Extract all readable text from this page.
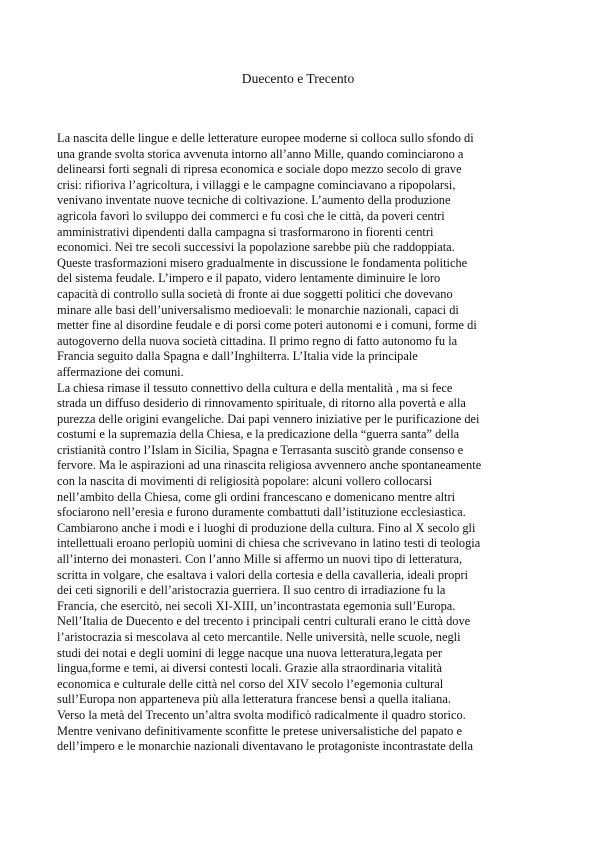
Duecento e Trecento
La nascita delle lingue e delle letterature europee moderne si colloca sullo sfondo di
una grande svolta storica avvenuta intorno all’anno Mille, quando cominciarono a
delinearsi forti segnali di ripresa economica e sociale dopo mezzo secolo di grave
crisi: rifioriva l’agricoltura, i villaggi e le campagne cominciavano a ripopolarsi,
venivano inventate nuove tecniche di coltivazione. L’aumento della produzione
agricola favorì lo sviluppo dei commerci e fu così che le città, da poveri centri
amministrativi dipendenti dalla campagna si trasformarono in fiorenti centri
economici. Nei tre secoli successivi la popolazione sarebbe più che raddoppiata.
Queste trasformazioni misero gradualmente in discussione le fondamenta politiche
del sistema feudale. L’impero e il papato, videro lentamente diminuire le loro
capacità di controllo sulla società di fronte ai due soggetti politici che dovevano
minare alle basi dell’universalismo medioevali: le monarchie nazionali, capaci di
metter fine al disordine feudale e di porsi come poteri autonomi e i comuni, forme di
autogoverno della nuova società cittadina. Il primo regno di fatto autonomo fu la
Francia seguito dalla Spagna e dall’Inghilterra. L’Italia vide la principale
affermazione dei comuni.
La chiesa rimase il tessuto connettivo della cultura e della mentalità , ma si fece
strada un diffuso desiderio di rinnovamento spirituale, di ritorno alla povertà e alla
purezza delle origini evangeliche. Dai papi vennero iniziative per le purificazione dei
costumi e la supremazia della Chiesa, e la predicazione della “guerra santa” della
cristianità contro l’Islam in Sicilia, Spagna e Terrasanta suscitò grande consenso e
fervore. Ma le aspirazioni ad una rinascita religiosa avvennero anche spontaneamente
con la nascita di movimenti di religiosità popolare: alcuni vollero collocarsi
nell’ambito della Chiesa, come gli ordini francescano e domenicano mentre altri
sfociarono nell’eresia e furono duramente combattuti dall’istituzione ecclesiastica.
Cambiarono anche i modi e i luoghi di produzione della cultura. Fino al X secolo gli
intellettuali eroano perlopiù uomini di chiesa che scrivevano in latino testi di teologia
all’interno dei monasteri. Con l’anno Mille si affermo un nuovi tipo di letteratura,
scritta in volgare, che esaltava i valori della cortesia e della cavalleria, ideali propri
dei ceti signorili e dell’aristocrazia guerriera. Il suo centro di irradiazione fu la
Francia, che esercitò, nei secoli XI-XIII, un’incontrastata egemonia sull’Europa.
Nell’Italia de Duecento e del trecento i principali centri culturali erano le città dove
l’aristocrazia si mescolava al ceto mercantile. Nelle università, nelle scuole, negli
studi dei notai e degli uomini di legge nacque una nuova letteratura,legata per
lingua,forme e temi, ai diversi contesti locali. Grazie alla straordinaria vitalità
economica e culturale delle città nel corso del XIV secolo l’egemonia cultural
sull’Europa non apparteneva più alla letteratura francese bensì a quella italiana.
Verso la metà del Trecento un’altra svolta modificò radicalmente il quadro storico.
Mentre venivano definitivamente sconfitte le pretese universalistiche del papato e
dell’impero e le monarchie nazionali diventavano le protagoniste incontrastate della
